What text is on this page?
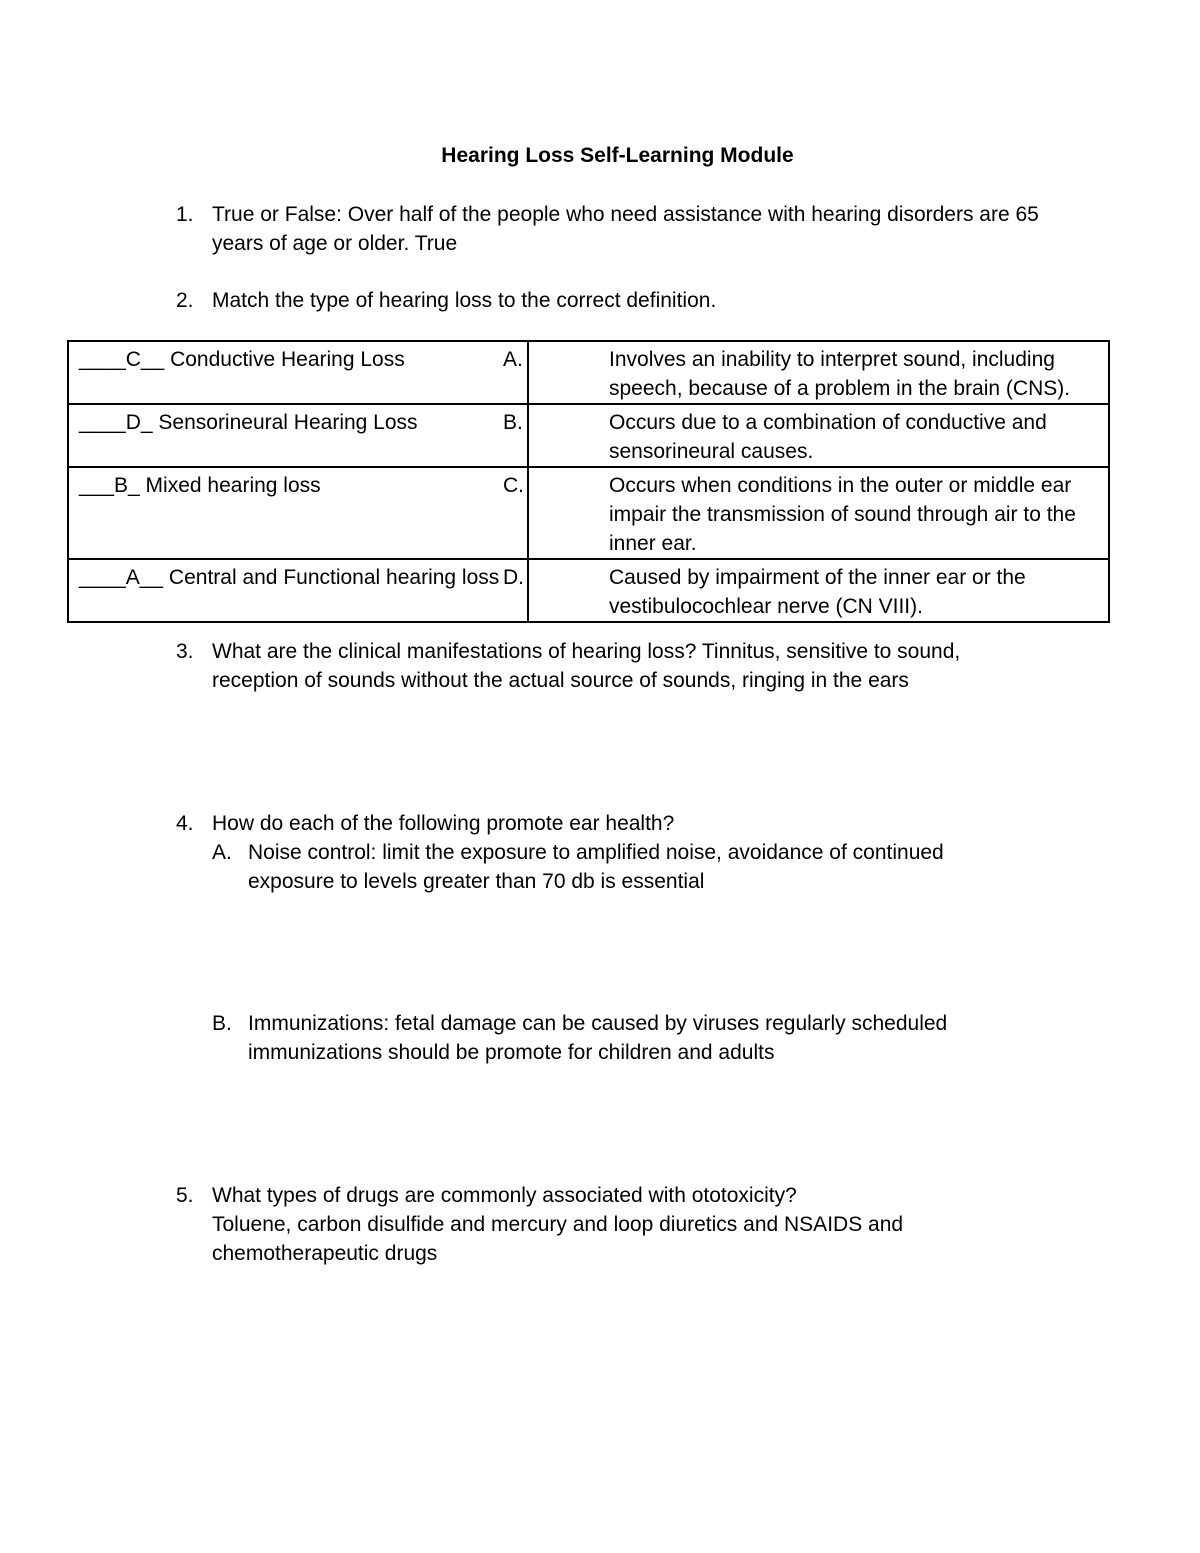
Hearing Loss Self-Learning Module
1. True or False: Over half of the people who need assistance with hearing disorders are 65 years of age or older. True
2. Match the type of hearing loss to the correct definition.
____C__ Conductive Hearing Loss	A. Involves an inability to interpret sound, including speech, because of a problem in the brain (CNS).

____D_ Sensorineural Hearing Loss	B. Occurs due to a combination of conductive and sensorineural causes.

___B_ Mixed hearing loss	C. Occurs when conditions in the outer or middle ear impair the transmission of sound through air to the inner ear.

____A__ Central and Functional hearing loss	D. Caused by impairment of the inner ear or the vestibulocochlear nerve (CN VIII).
3. What are the clinical manifestations of hearing loss? Tinnitus, sensitive to sound, reception of sounds without the actual source of sounds, ringing in the ears
4. How do each of the following promote ear health?
A. Noise control: limit the exposure to amplified noise, avoidance of continued exposure to levels greater than 70 db is essential
B. Immunizations: fetal damage can be caused by viruses regularly scheduled immunizations should be promote for children and adults
5. What types of drugs are commonly associated with ototoxicity?
Toluene, carbon disulfide and mercury and loop diuretics and NSAIDS and chemotherapeutic drugs
